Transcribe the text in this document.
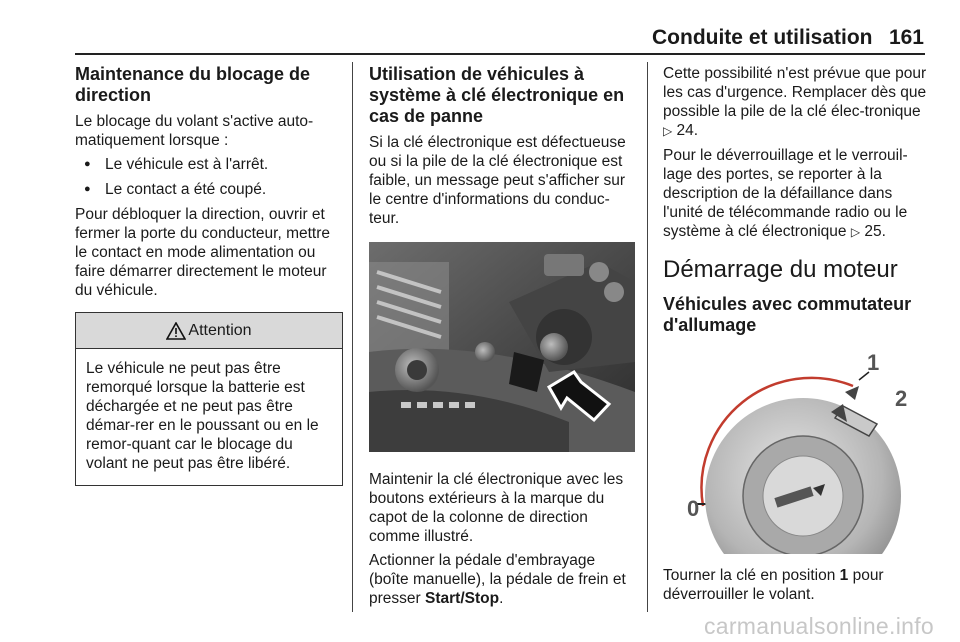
Conduite et utilisation 161
Maintenance du blocage de direction

Le blocage du volant s'active auto-matiquement lorsque :

● Le véhicule est à l'arrêt.
● Le contact a été coupé.

Pour débloquer la direction, ouvrir et fermer la porte du conducteur, mettre le contact en mode alimentation ou faire démarrer directement le moteur du véhicule.

Attention
Le véhicule ne peut pas être remorqué lorsque la batterie est déchargée et ne peut pas être démar-rer en le poussant ou en le remor-quant car le blocage du volant ne peut pas être libéré.
Utilisation de véhicules à système à clé électronique en cas de panne

Si la clé électronique est défectueuse ou si la pile de la clé électronique est faible, un message peut s'afficher sur le centre d'informations du conduc-teur.

Maintenir la clé électronique avec les boutons extérieurs à la marque du capot de la colonne de direction comme illustré.

Actionner la pédale d'embrayage (boîte manuelle), la pédale de frein et presser Start/Stop.

Cette possibilité n'est prévue que pour les cas d'urgence. Remplacer dès que possible la pile de la clé élec-tronique ▷ 24.

Pour le déverrouillage et le verrouil-lage des portes, se reporter à la description de la défaillance dans l'unité de télécommande radio ou le système à clé électronique ▷ 25.

Démarrage du moteur
Véhicules avec commutateur d'allumage
1
2
0

Tourner la clé en position 1 pour déverrouiller le volant.

carmanualsonline.info
